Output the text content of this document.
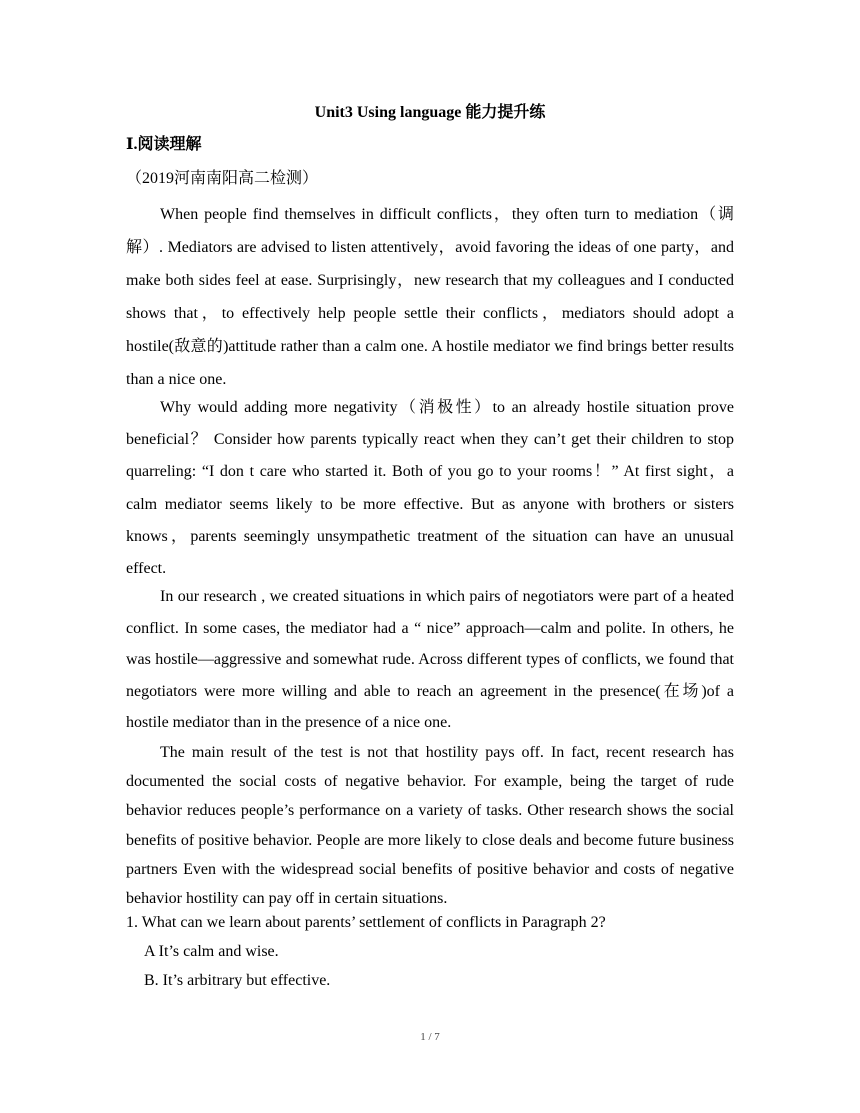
Unit3 Using language 能力提升练
Ⅰ.阅读理解
（2019河南南阳高二检测）

When people find themselves in difficult conflicts，they often turn to mediation（调解）. Mediators are advised to listen attentively，avoid favoring the ideas of one party，and make both sides feel at ease. Surprisingly，new research that my colleagues and I conducted shows that，to effectively help people settle their conflicts，mediators should adopt a hostile(敌意的)attitude rather than a calm one. A hostile mediator we find brings better results than a nice one.

Why would adding more negativity（消极性）to an already hostile situation prove beneficial？ Consider how parents typically react when they can’t get their children to stop quarreling: “I don t care who started it. Both of you go to your rooms！” At first sight，a calm mediator seems likely to be more effective. But as anyone with brothers or sisters knows，parents seemingly unsympathetic treatment of the situation can have an unusual effect.

In our research , we created situations in which pairs of negotiators were part of a heated conflict. In some cases, the mediator had a “ nice” approach—calm and polite. In others, he was hostile—aggressive and somewhat rude. Across different types of conflicts, we found that negotiators were more willing and able to reach an agreement in the presence(在场)of a hostile mediator than in the presence of a nice one.

The main result of the test is not that hostility pays off. In fact, recent research has documented the social costs of negative behavior. For example, being the target of rude behavior reduces people’s performance on a variety of tasks. Other research shows the social benefits of positive behavior. People are more likely to close deals and become future business partners Even with the widespread social benefits of positive behavior and costs of negative behavior hostility can pay off in certain situations.

1. What can we learn about parents’ settlement of conflicts in Paragraph 2?
A It’s calm and wise.
B. It’s arbitrary but effective.
1 / 7
